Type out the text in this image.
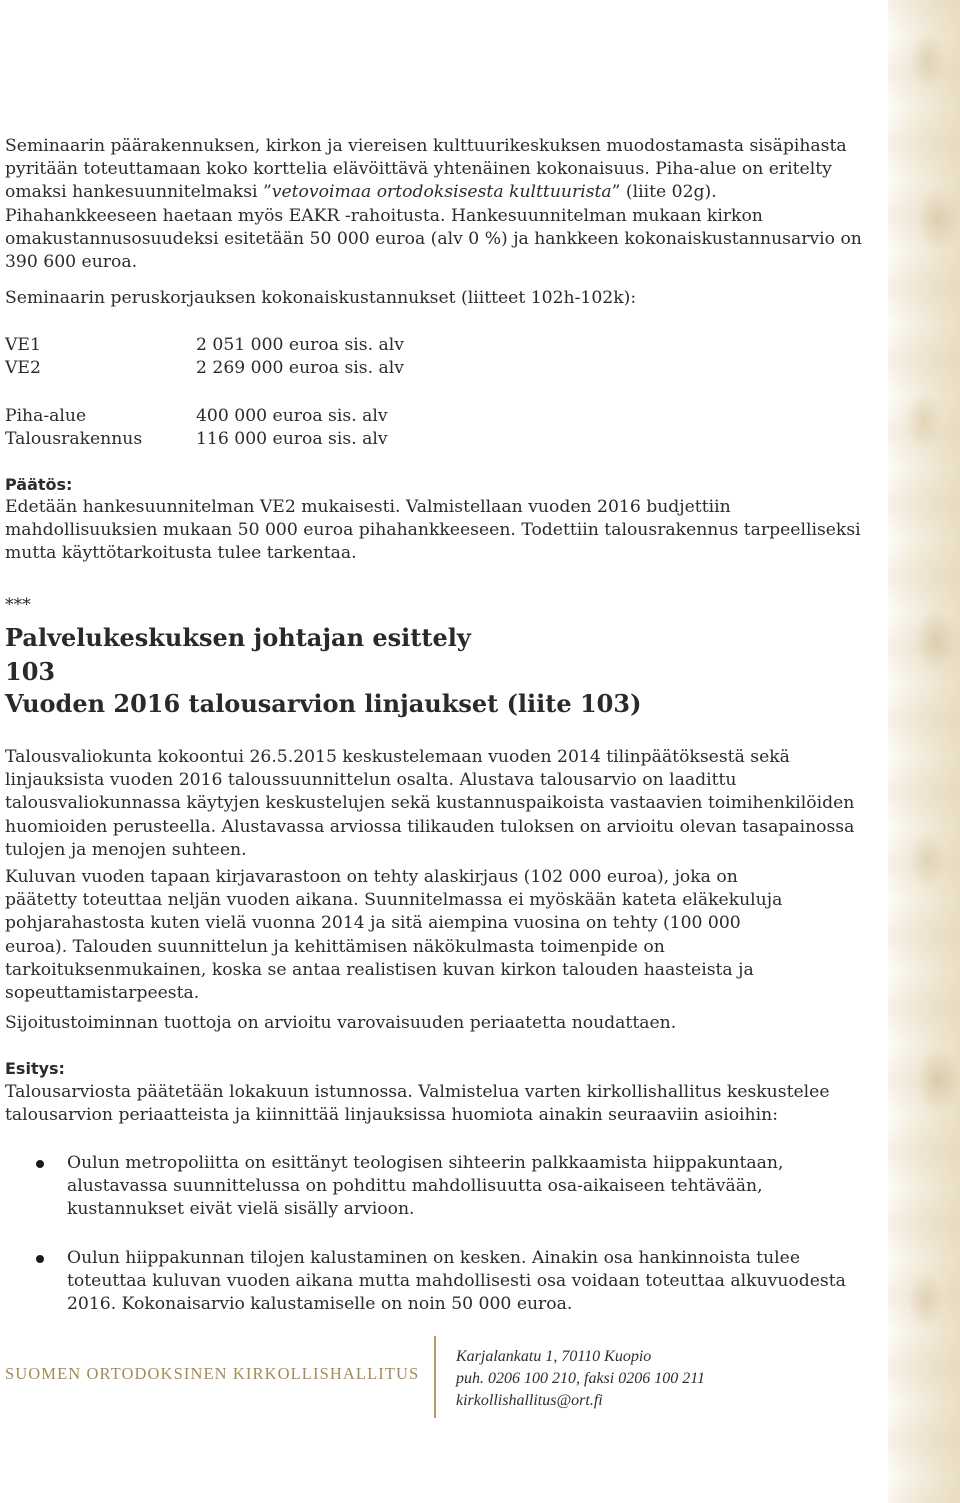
Seminaarin päärakennuksen, kirkon ja viereisen kulttuurikeskuksen muodostamasta sisäpihasta pyritään toteuttamaan koko korttelia elävöittävä yhtenäinen kokonaisuus. Piha-alue on eritelty omaksi hankesuunnitelmaksi ”vetovoimaa ortodoksisesta kulttuurista” (liite 02g). Pihahankkeeseen haetaan myös EAKR -rahoitusta. Hankesuunnitelman mukaan kirkon omakustannusosuudeksi esitetään 50 000 euroa (alv 0 %) ja hankkeen kokonaiskustannusarvio on 390 600 euroa.

Seminaarin peruskorjauksen kokonaiskustannukset (liitteet 102h-102k):

VE1	2 051 000 euroa sis. alv

VE2	2 269 000 euroa sis. alv

Piha-alue	400 000 euroa sis. alv

Talousrakennus	116 000 euroa sis. alv

Päätös:

Edetään hankesuunnitelman VE2 mukaisesti. Valmistellaan vuoden 2016 budjettiin mahdollisuuksien mukaan 50 000 euroa pihahankkeeseen. Todettiin talousrakennus tarpeelliseksi mutta käyttötarkoitusta tulee tarkentaa.

***

Palvelukeskuksen johtajan esittely

103

Vuoden 2016 talousarvion linjaukset (liite 103)

Talousvaliokunta kokoontui 26.5.2015 keskustelemaan vuoden 2014 tilinpäätöksestä sekä linjauksista vuoden 2016 taloussuunnittelun osalta. Alustava talousarvio on laadittu talousvaliokunnassa käytyjen keskustelujen sekä kustannuspaikoista vastaavien toimihenkilöiden huomioiden perusteella. Alustavassa arviossa tilikauden tuloksen on arvioitu olevan tasapainossa tulojen ja menojen suhteen.

Kuluvan vuoden tapaan kirjavarastoon on tehty alaskirjaus (102 000 euroa), joka on päätetty toteuttaa neljän vuoden aikana. Suunnitelmassa ei myöskään kateta eläkekuluja pohjarahastosta kuten vielä vuonna 2014 ja sitä aiempina vuosina on tehty (100 000 euroa). Talouden suunnittelun ja kehittämisen näkökulmasta toimenpide on tarkoituksenmukainen, koska se antaa realistisen kuvan kirkon talouden haasteista ja sopeuttamistarpeesta.

Sijoitustoiminnan tuottoja on arvioitu varovaisuuden periaatetta noudattaen.

Esitys:

Talousarviosta päätetään lokakuun istunnossa. Valmistelua varten kirkollishallitus keskustelee talousarvion periaatteista ja kiinnittää linjauksissa huomiota ainakin seuraaviin asioihin:

Oulun metropoliitta on esittänyt teologisen sihteerin palkkaamista hiippakuntaan, alustavassa suunnittelussa on pohdittu mahdollisuutta osa-aikaiseen tehtävään, kustannukset eivät vielä sisälly arvioon.

Oulun hiippakunnan tilojen kalustaminen on kesken. Ainakin osa hankinnoista tulee toteuttaa kuluvan vuoden aikana mutta mahdollisesti osa voidaan toteuttaa alkuvuodesta 2016. Kokonaisarvio kalustamiselle on noin 50 000 euroa.

SUOMEN ORTODOKSINEN KIRKOLLISHALLITUS

Karjalankatu 1, 70110 Kuopio

puh. 0206 100 210, faksi 0206 100 211

kirkollishallitus@ort.fi
